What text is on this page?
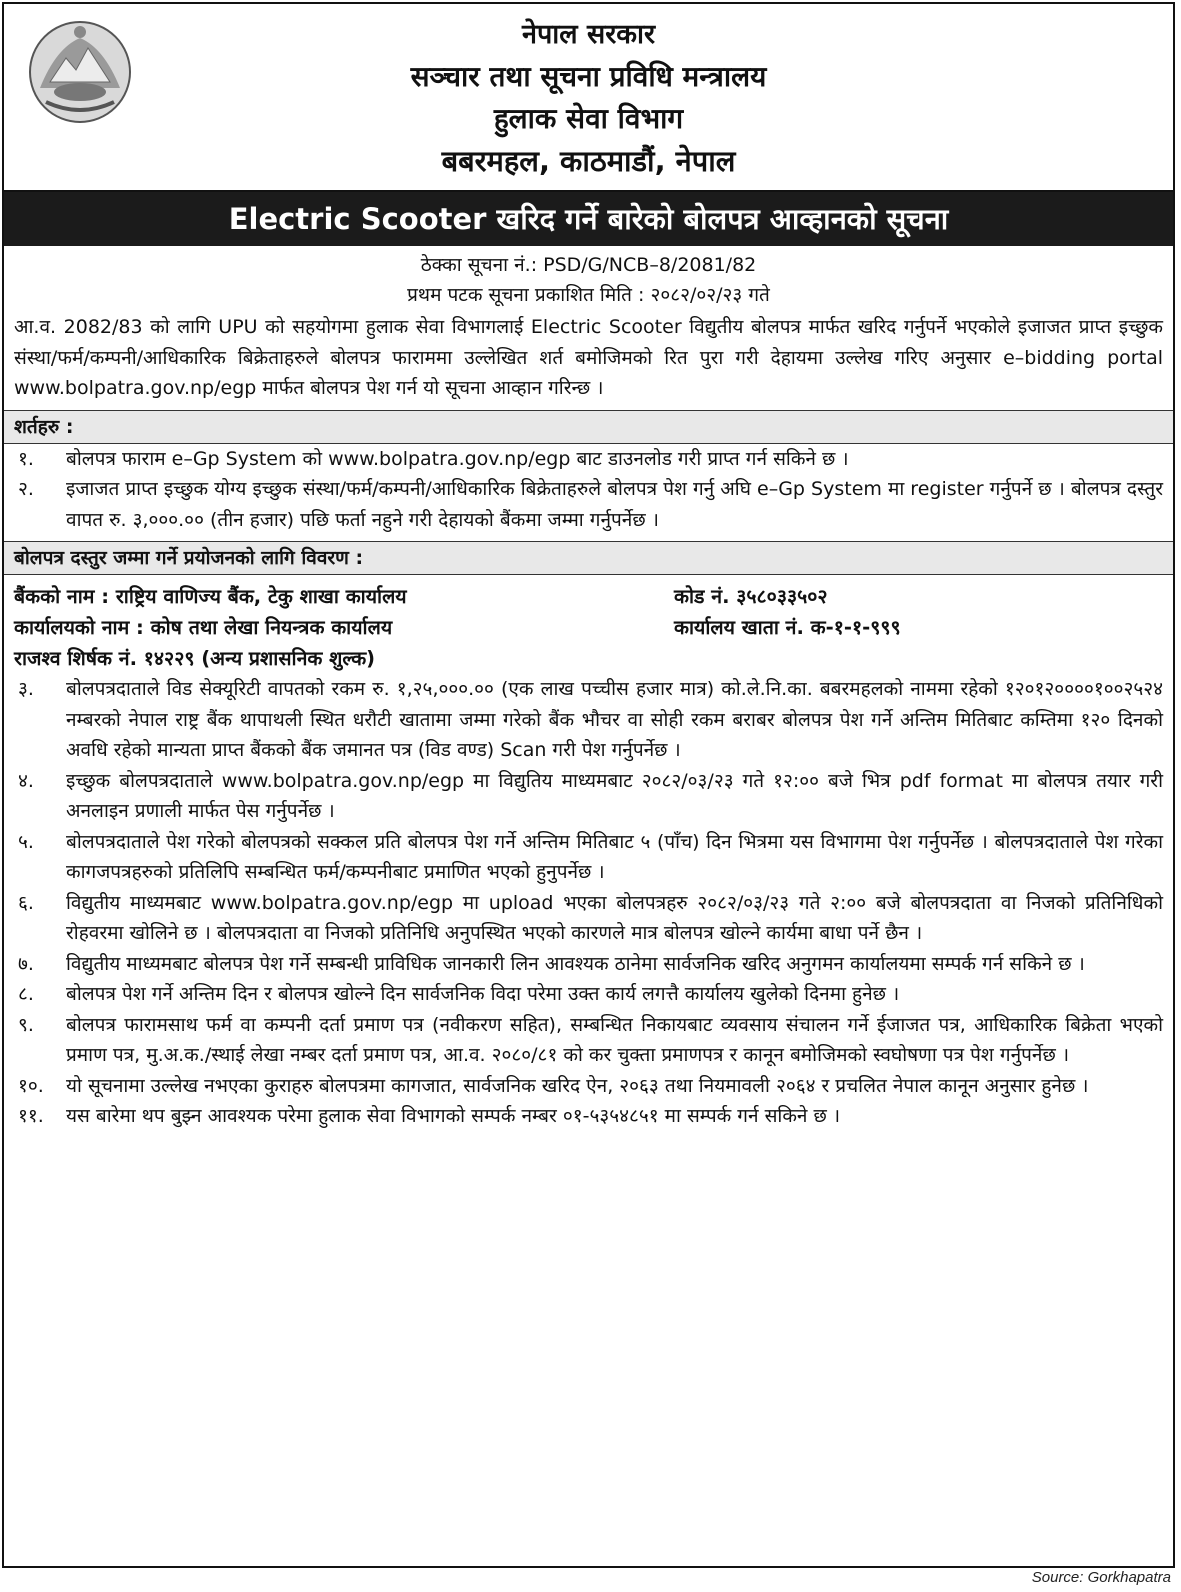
नेपाल सरकार
सञ्चार तथा सूचना प्रविधि मन्त्रालय
हुलाक सेवा विभाग
बबरमहल, काठमाडौं, नेपाल
Electric Scooter खरिद गर्ने बारेको बोलपत्र आव्हानको सूचना
ठेक्का सूचना नं.: PSD/G/NCB–8/2081/82
प्रथम पटक सूचना प्रकाशित मिति : २०८२/०२/२३ गते
आ.व. 2082/83 को लागि UPU को सहयोगमा हुलाक सेवा विभागलाई Electric Scooter विद्युतीय बोलपत्र मार्फत खरिद गर्नुपर्ने भएकोले इजाजत प्राप्त इच्छुक संस्था/फर्म/कम्पनी/आधिकारिक बिक्रेताहरुले बोलपत्र फाराममा उल्लेखित शर्त बमोजिमको रित पुरा गरी देहायमा उल्लेख गरिए अनुसार e–bidding portal www.bolpatra.gov.np/egp मार्फत बोलपत्र पेश गर्न यो सूचना आव्हान गरिन्छ ।
शर्तहरु :
१.	बोलपत्र फाराम e–Gp System को www.bolpatra.gov.np/egp बाट डाउनलोड गरी प्राप्त गर्न सकिने छ ।
२.	इजाजत प्राप्त इच्छुक योग्य इच्छुक संस्था/फर्म/कम्पनी/आधिकारिक बिक्रेताहरुले बोलपत्र पेश गर्नु अघि e–Gp System मा register गर्नुपर्ने छ । बोलपत्र दस्तुर वापत रु. ३,०००.०० (तीन हजार) पछि फर्ता नहुने गरी देहायको बैंकमा जम्मा गर्नुपर्नेछ ।
बोलपत्र दस्तुर जम्मा गर्ने प्रयोजनको लागि विवरण :
बैंकको नाम : राष्ट्रिय वाणिज्य बैंक, टेकु शाखा कार्यालय	कोड नं. ३५८०३३५०२
कार्यालयको नाम : कोष तथा लेखा नियन्त्रक कार्यालय	कार्यालय खाता नं. क-१-१-९९९
राजश्व शिर्षक नं. १४२२९ (अन्य प्रशासनिक शुल्क)
३.	बोलपत्रदाताले विड सेक्यूरिटी वापतको रकम रु. १,२५,०००.०० (एक लाख पच्चीस हजार मात्र) को.ले.नि.का. बबरमहलको नाममा रहेको १२०१२००००१००२५२४ नम्बरको नेपाल राष्ट्र बैंक थापाथली स्थित धरौटी खातामा जम्मा गरेको बैंक भौचर वा सोही रकम बराबर बोलपत्र पेश गर्ने अन्तिम मितिबाट कम्तिमा १२० दिनको अवधि रहेको मान्यता प्राप्त बैंकको बैंक जमानत पत्र (विड वण्ड) Scan गरी पेश गर्नुपर्नेछ ।
४.	इच्छुक बोलपत्रदाताले www.bolpatra.gov.np/egp मा विद्युतिय माध्यमबाट २०८२/०३/२३ गते १२:०० बजे भित्र pdf format मा बोलपत्र तयार गरी अनलाइन प्रणाली मार्फत पेस गर्नुपर्नेछ ।
५.	बोलपत्रदाताले पेश गरेको बोलपत्रको सक्कल प्रति बोलपत्र पेश गर्ने अन्तिम मितिबाट ५ (पाँच) दिन भित्रमा यस विभागमा पेश गर्नुपर्नेछ । बोलपत्रदाताले पेश गरेका कागजपत्रहरुको प्रतिलिपि सम्बन्धित फर्म/कम्पनीबाट प्रमाणित भएको हुनुपर्नेछ ।
६.	विद्युतीय माध्यमबाट www.bolpatra.gov.np/egp मा upload भएका बोलपत्रहरु २०८२/०३/२३ गते २:०० बजे बोलपत्रदाता वा निजको प्रतिनिधिको रोहवरमा खोलिने छ । बोलपत्रदाता वा निजको प्रतिनिधि अनुपस्थित भएको कारणले मात्र बोलपत्र खोल्ने कार्यमा बाधा पर्ने छैन ।
७.	विद्युतीय माध्यमबाट बोलपत्र पेश गर्ने सम्बन्धी प्राविधिक जानकारी लिन आवश्यक ठानेमा सार्वजनिक खरिद अनुगमन कार्यालयमा सम्पर्क गर्न सकिने छ ।
८.	बोलपत्र पेश गर्ने अन्तिम दिन र बोलपत्र खोल्ने दिन सार्वजनिक विदा परेमा उक्त कार्य लगत्तै कार्यालय खुलेको दिनमा हुनेछ ।
९.	बोलपत्र फारामसाथ फर्म वा कम्पनी दर्ता प्रमाण पत्र (नवीकरण सहित), सम्बन्धित निकायबाट व्यवसाय संचालन गर्ने ईजाजत पत्र, आधिकारिक बिक्रेता भएको प्रमाण पत्र, मु.अ.क./स्थाई लेखा नम्बर दर्ता प्रमाण पत्र, आ.व. २०८०/८१ को कर चुक्ता प्रमाणपत्र र कानून बमोजिमको स्वघोषणा पत्र पेश गर्नुपर्नेछ ।
१०.	यो सूचनामा उल्लेख नभएका कुराहरु बोलपत्रमा कागजात, सार्वजनिक खरिद ऐन, २०६३ तथा नियमावली २०६४ र प्रचलित नेपाल कानून अनुसार हुनेछ ।
११.	यस बारेमा थप बुझ्न आवश्यक परेमा हुलाक सेवा विभागको सम्पर्क नम्बर ०१-५३५४८५१ मा सम्पर्क गर्न सकिने छ ।
Source: Gorkhapatra
